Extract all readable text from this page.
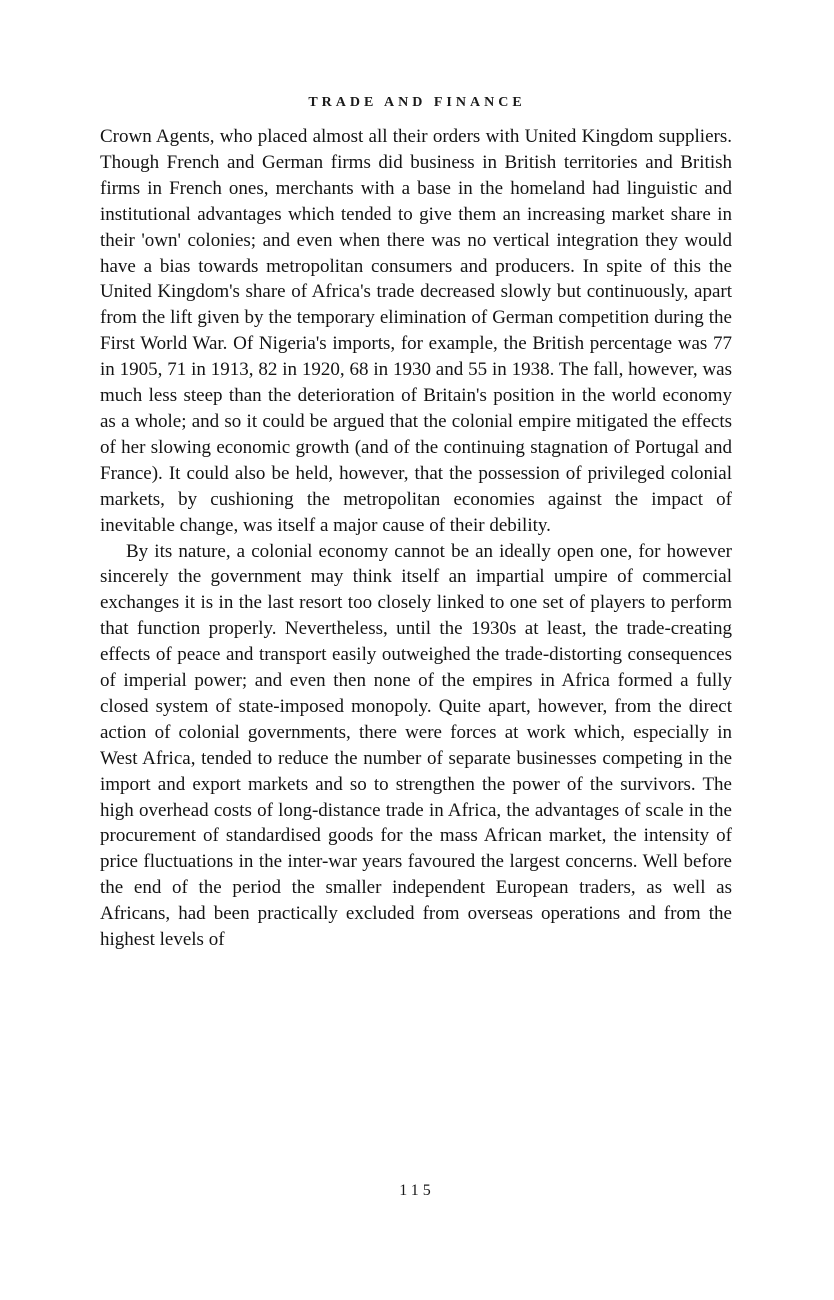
TRADE AND FINANCE

Crown Agents, who placed almost all their orders with United Kingdom suppliers. Though French and German firms did business in British territories and British firms in French ones, merchants with a base in the homeland had linguistic and institutional advantages which tended to give them an increasing market share in their 'own' colonies; and even when there was no vertical integration they would have a bias towards metropolitan consumers and producers. In spite of this the United Kingdom's share of Africa's trade decreased slowly but continuously, apart from the lift given by the temporary elimination of German competition during the First World War. Of Nigeria's imports, for example, the British percentage was 77 in 1905, 71 in 1913, 82 in 1920, 68 in 1930 and 55 in 1938. The fall, however, was much less steep than the deterioration of Britain's position in the world economy as a whole; and so it could be argued that the colonial empire mitigated the effects of her slowing economic growth (and of the continuing stagnation of Portugal and France). It could also be held, however, that the possession of privileged colonial markets, by cushioning the metropolitan economies against the impact of inevitable change, was itself a major cause of their debility.

By its nature, a colonial economy cannot be an ideally open one, for however sincerely the government may think itself an impartial umpire of commercial exchanges it is in the last resort too closely linked to one set of players to perform that function properly. Nevertheless, until the 1930s at least, the trade-creating effects of peace and transport easily outweighed the trade-distorting consequences of imperial power; and even then none of the empires in Africa formed a fully closed system of state-imposed monopoly. Quite apart, however, from the direct action of colonial governments, there were forces at work which, especially in West Africa, tended to reduce the number of separate businesses competing in the import and export markets and so to strengthen the power of the survivors. The high overhead costs of long-distance trade in Africa, the advantages of scale in the procurement of standardised goods for the mass African market, the intensity of price fluctuations in the inter-war years favoured the largest concerns. Well before the end of the period the smaller independent European traders, as well as Africans, had been practically excluded from overseas operations and from the highest levels of

115
